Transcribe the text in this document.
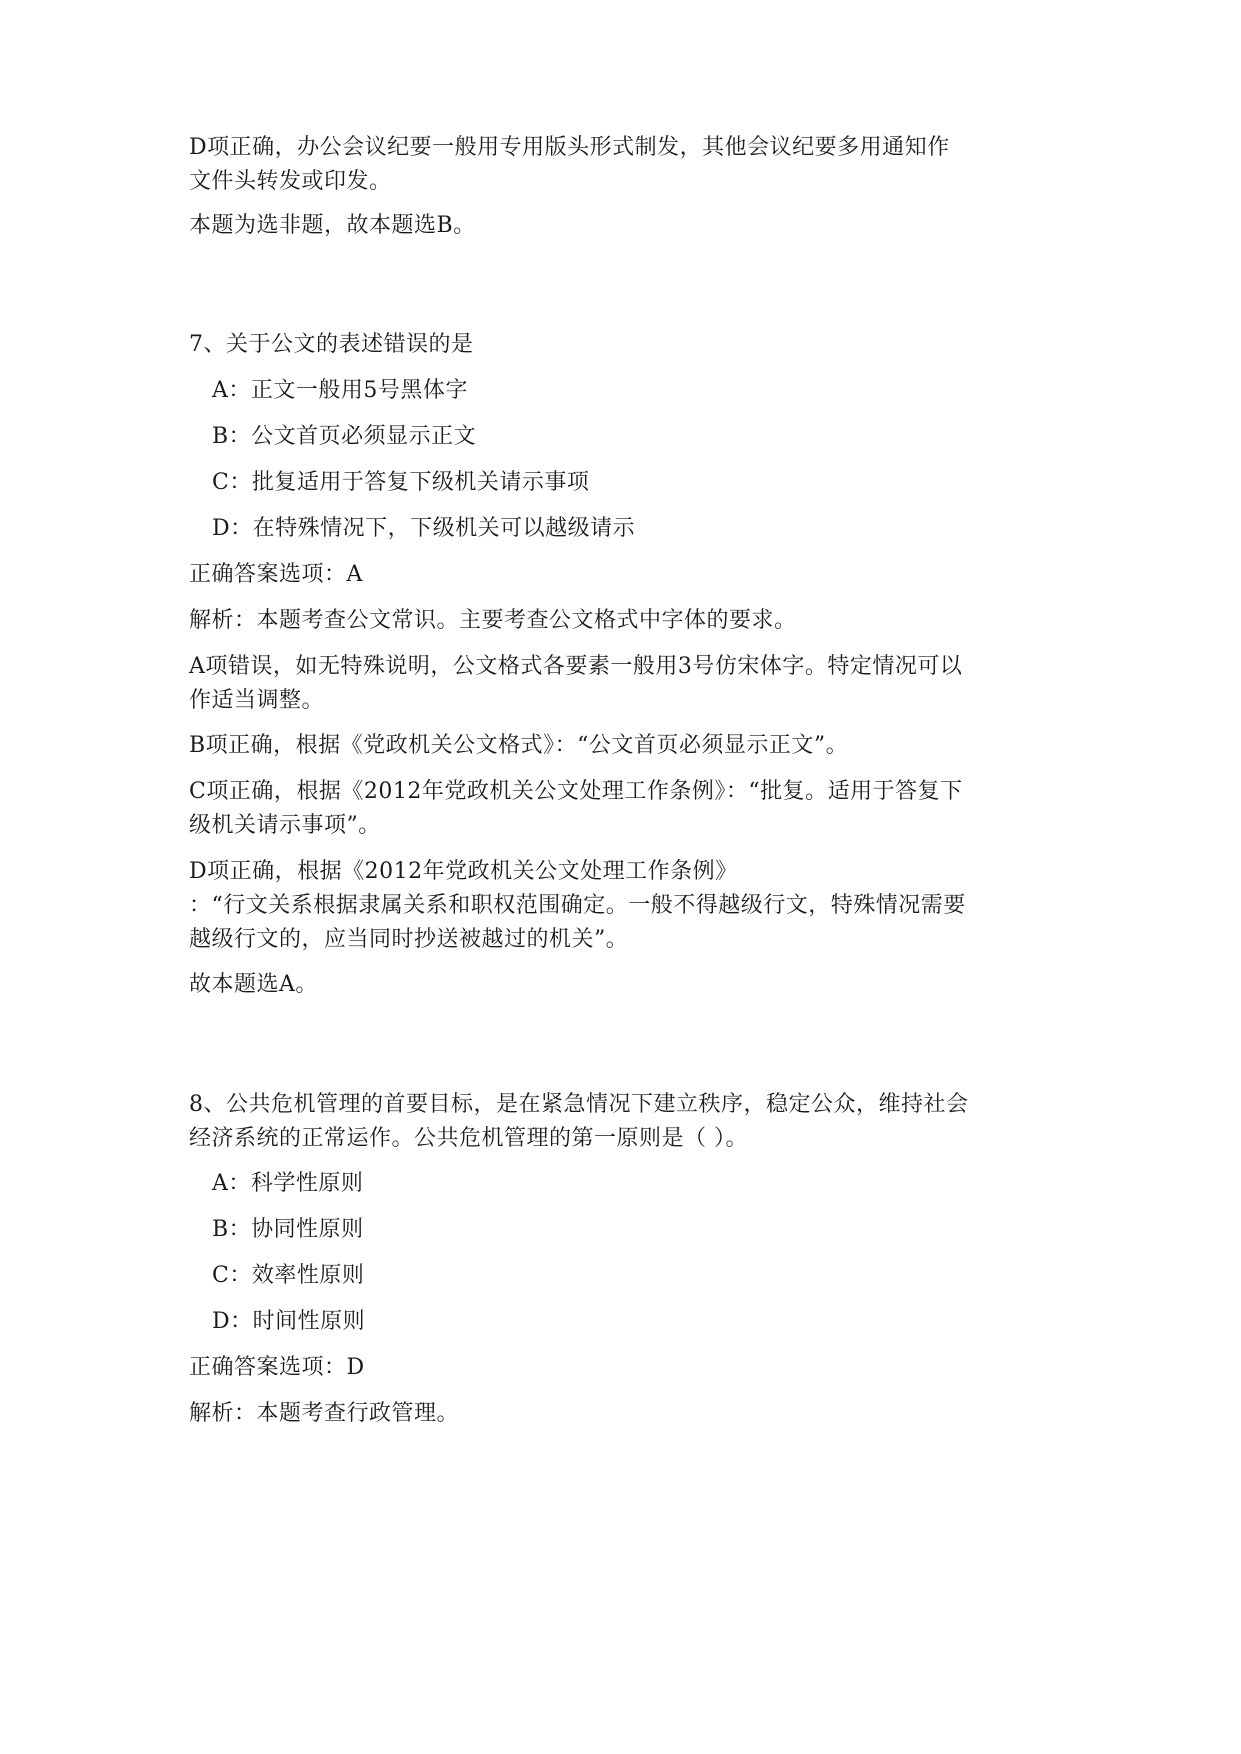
D项正确，办公会议纪要一般用专用版头形式制发，其他会议纪要多用通知作
文件头转发或印发。
本题为选非题，故本题选B。
7、关于公文的表述错误的是
A：正文一般用5号黑体字
B：公文首页必须显示正文
C：批复适用于答复下级机关请示事项
D：在特殊情况下，下级机关可以越级请示
正确答案选项：A
解析：本题考查公文常识。主要考查公文格式中字体的要求。
A项错误，如无特殊说明，公文格式各要素一般用3号仿宋体字。特定情况可以
作适当调整。
B项正确，根据《党政机关公文格式》：“公文首页必须显示正文”。
C项正确，根据《2012年党政机关公文处理工作条例》：“批复。适用于答复下
级机关请示事项”。
D项正确，根据《2012年党政机关公文处理工作条例》
：“行文关系根据隶属关系和职权范围确定。一般不得越级行文，特殊情况需要
越级行文的，应当同时抄送被越过的机关”。
故本题选A。
8、公共危机管理的首要目标，是在紧急情况下建立秩序，稳定公众，维持社会
经济系统的正常运作。公共危机管理的第一原则是（ ）。
A：科学性原则
B：协同性原则
C：效率性原则
D：时间性原则
正确答案选项：D
解析：本题考查行政管理。
